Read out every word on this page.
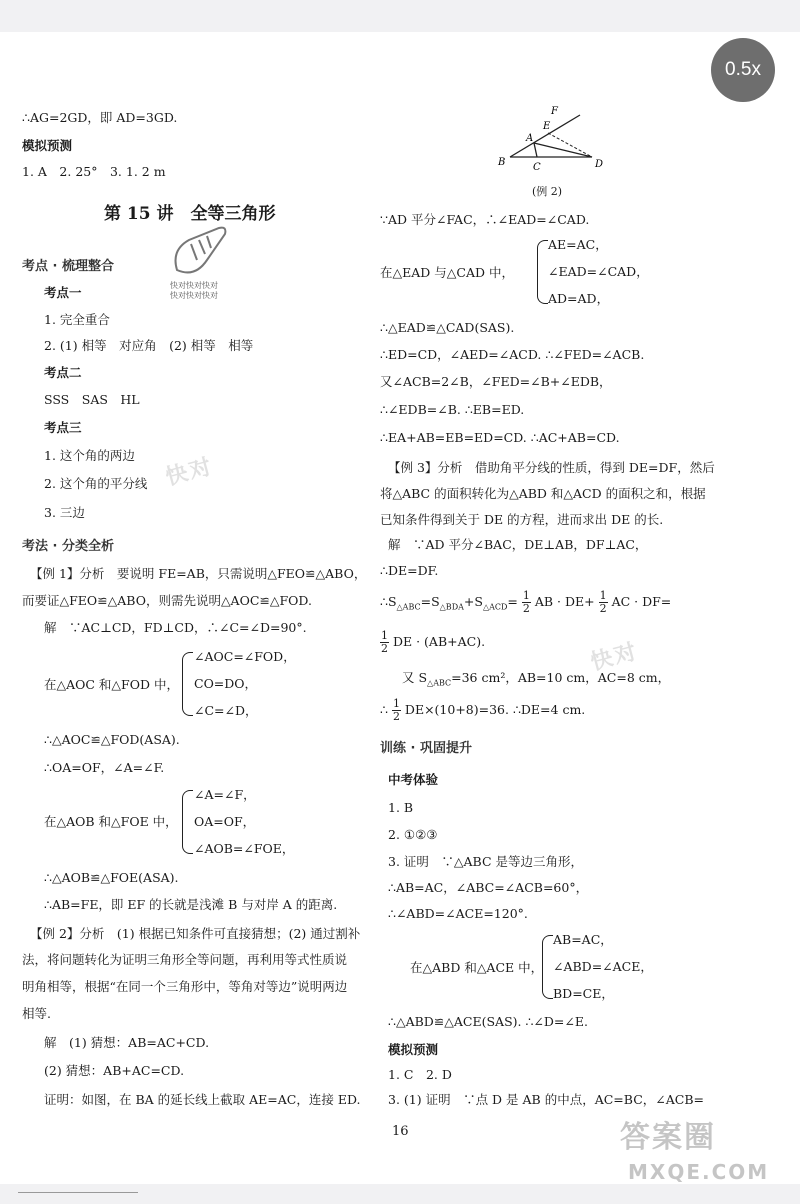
0.5x
∴AG=2GD，即 AD=3GD.
模拟预测
1. A　2. 25°　3. 1. 2 m
第 15 讲　全等三角形
考点 · 梳理整合
快对快对快对
快对快对快对
考点一
1. 完全重合
2. (1) 相等　对应角　(2) 相等　相等
考点二
SSS　SAS　HL
考点三
1. 这个角的两边
2. 这个角的平分线
3. 三边
考法 · 分类全析
【例 1】分析　要说明 FE=AB，只需说明△FEO≌△ABO，
而要证△FEO≌△ABO，则需先说明△AOC≌△FOD.
解　∵AC⊥CD，FD⊥CD，∴∠C=∠D=90°.
在△AOC 和△FOD 中，
∠AOC=∠FOD，
CO=DO，
∠C=∠D，
∴△AOC≌△FOD(ASA).
∴OA=OF，∠A=∠F.
在△AOB 和△FOE 中，
∠A=∠F，
OA=OF，
∠AOB=∠FOE，
∴△AOB≌△FOE(ASA).
∴AB=FE，即 EF 的长就是浅滩 B 与对岸 A 的距离.
【例 2】分析　(1) 根据已知条件可直接猜想；(2) 通过割补
法，将问题转化为证明三角形全等问题，再利用等式性质说
明角相等，根据“在同一个三角形中，等角对等边”说明两边
相等.
解　(1) 猜想：AB=AC+CD.
(2) 猜想：AB+AC=CD.
证明：如图，在 BA 的延长线上截取 AE=AC，连接 ED.
F
E
A
B	C	D
(例 2)
∵AD 平分∠FAC，∴∠EAD=∠CAD.
在△EAD 与△CAD 中，
AE=AC，
∠EAD=∠CAD，
AD=AD，
∴△EAD≌△CAD(SAS).
∴ED=CD，∠AED=∠ACD. ∴∠FED=∠ACB.
又∠ACB=2∠B，∠FED=∠B+∠EDB，
∴∠EDB=∠B. ∴EB=ED.
∴EA+AB=EB=ED=CD. ∴AC+AB=CD.
【例 3】分析　借助角平分线的性质，得到 DE=DF，然后
将△ABC 的面积转化为△ABD 和△ACD 的面积之和，根据
已知条件得到关于 DE 的方程，进而求出 DE 的长.
解　∵AD 平分∠BAC，DE⊥AB，DF⊥AC，
∴DE=DF.
$\therefore S_{\triangle ABC}=S_{\triangle BDA}+S_{\triangle ACD}= \frac{1}{2}$ AB · $DE+ \frac{1}{2}$ AC · DF=
$\frac{1}{2}$ DE · (AB+AC).
又 $S_{\triangle ABC}=36$ cm²，AB=10 cm，AC=8 cm，
∴ $\frac{1}{2} DE\times(10+8)=36$. ∴DE=4 cm.
训练 · 巩固提升
中考体验
1. B
2. ①②③
3. 证明　∵△ABC 是等边三角形，
∴AB=AC，∠ABC=∠ACB=60°，
∴∠ABD=∠ACE=120°.
在△ABD 和△ACE 中，
AB=AC，
∠ABD=∠ACE，
BD=CE，
∴△ABD≌△ACE(SAS). ∴∠D=∠E.
模拟预测
1. C　2. D
3. (1) 证明　∵点 D 是 AB 的中点，AC=BC，∠ACB=
16
快对
快对
答案圈
MXQE.COM
